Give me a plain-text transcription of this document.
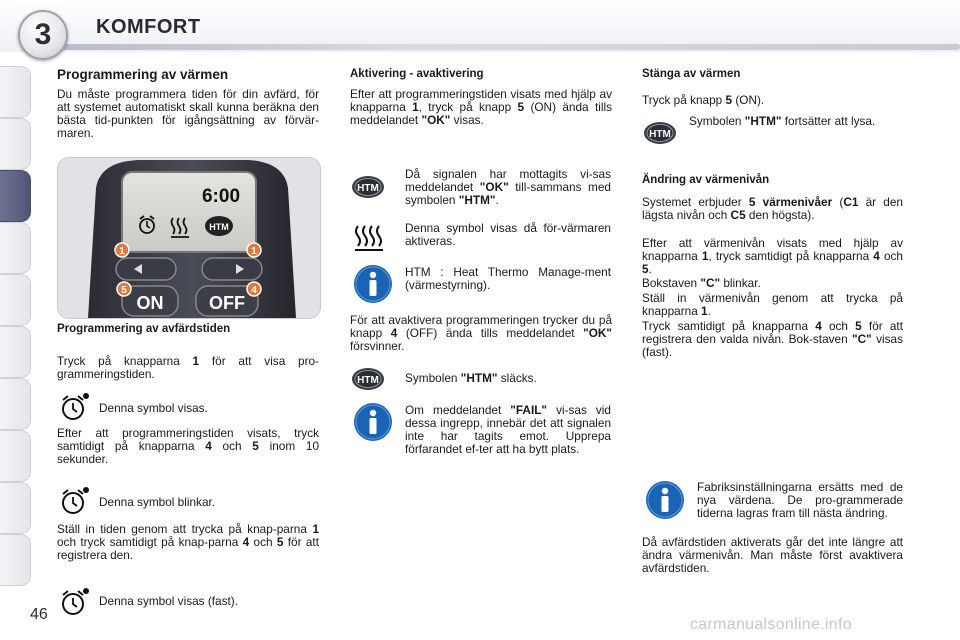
3	KOMFORT
46
Programmering av värmen
Du måste programmera tiden för din avfärd, för att systemet automatiskt skall kunna beräkna den bästa tid-punkten för igångsättning av förvär-maren.
6:00
HTM
ON	OFF
1	1
5	4
Programmering av avfärdstiden
Tryck på knapparna 1 för att visa pro-grammeringstiden.
Denna symbol visas.
Efter att programmeringstiden visats, tryck samtidigt på knapparna 4 och 5 inom 10 sekunder.
Denna symbol blinkar.
Ställ in tiden genom att trycka på knap-parna 1 och tryck samtidigt på knap-parna 4 och 5 för att registrera den.
Denna symbol visas (fast).
Aktivering - avaktivering
Efter att programmeringstiden visats med hjälp av knapparna 1, tryck på knapp 5 (ON) ända tills meddelandet "OK" visas.
HTM
Då signalen har mottagits vi-sas meddelandet "OK" till-sammans med symbolen "HTM".
Denna symbol visas då för-värmaren aktiveras.
HTM : Heat Thermo Manage-ment (värmestyrning).
För att avaktivera programmeringen trycker du på knapp 4 (OFF) ända tills meddelandet "OK" försvinner.
HTM Symbolen "HTM" släcks.
Om meddelandet "FAIL" vi-sas vid dessa ingrepp, innebär det att signalen inte har tagits emot. Upprepa förfarandet ef-ter att ha bytt plats.
Stänga av värmen
Tryck på knapp 5 (ON).
HTM
Symbolen "HTM" fortsätter att lysa.
Ändring av värmenivån
Systemet erbjuder 5 värmenivåer (C1 är den lägsta nivån och C5 den högsta).
Efter att värmenivån visats med hjälp av knapparna 1, tryck samtidigt på knapparna 4 och 5.
Bokstaven "C" blinkar.
Ställ in värmenivån genom att trycka på knapparna 1.
Tryck samtidigt på knapparna 4 och 5 för att registrera den valda nivån. Bok-staven "C" visas (fast).
Fabriksinställningarna ersätts med de nya värdena. De pro-grammerade tiderna lagras fram till nästa ändring.
Då avfärdstiden aktiverats går det inte längre att ändra värmenivån. Man måste först avaktivera avfärdstiden.
carmanualsonline.info
